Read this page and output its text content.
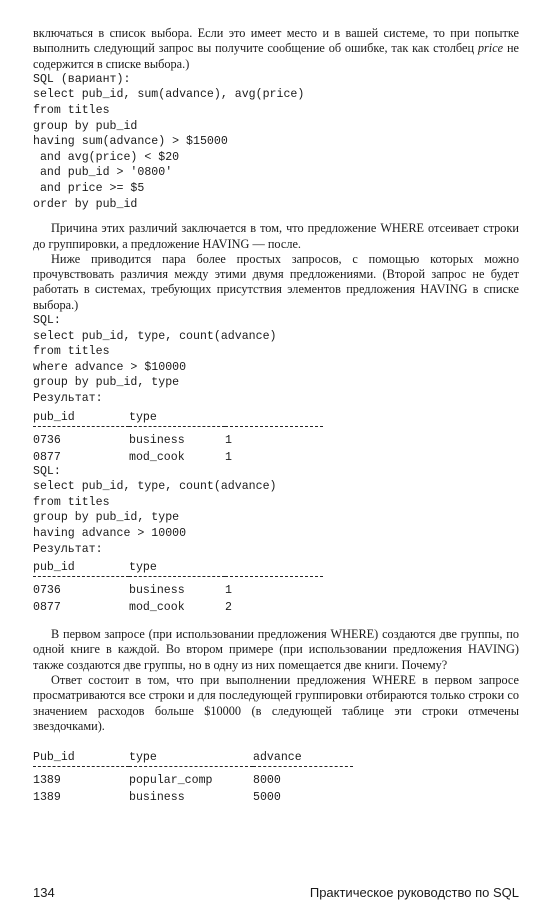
включаться в список выбора. Если это имеет место и в вашей системе, то при попытке выполнить следующий запрос вы получите сообщение об ошибке, так как столбец price не содержится в списке выбора.)

SQL (вариант):

select pub_id, sum(advance), avg(price)
from titles
group by pub_id
having sum(advance) > $15000
and avg(price) < $20
and pub_id > '0800'
and price >= $5
order by pub_id

Причина этих различий заключается в том, что предложение WHERE отсеивает строки до группировки, а предложение HAVING — после.

Ниже приводится пара более простых запросов, с помощью которых можно прочувствовать различия между этими двумя предложениями. (Второй запрос не будет работать в системах, требующих присутствия элементов предложения HAVING в списке выбора.)

SQL:

select pub_id, type, count(advance)
from titles
where advance > $10000
group by pub_id, type

Результат:

pub_id	type	
0736	business	1
0877	mod_cook	1

SQL:

select pub_id, type, count(advance)
from titles
group by pub_id, type
having advance > 10000

Результат:

pub_id	type	
0736	business	1
0877	mod_cook	2

В первом запросе (при использовании предложения WHERE) создаются две группы, по одной книге в каждой. Во втором примере (при использовании предложения HAVING) также создаются две группы, но в одну из них помещается две книги. Почему?

Ответ состоит в том, что при выполнении предложения WHERE в первом запросе просматриваются все строки и для последующей группировки отбираются только строки со значением расходов больше $10000 (в следующей таблице эти строки отмечены звездочками).

Pub_id	type	advance
1389	popular_comp	8000
1389	business	5000
134	Практическое руководство по SQL
